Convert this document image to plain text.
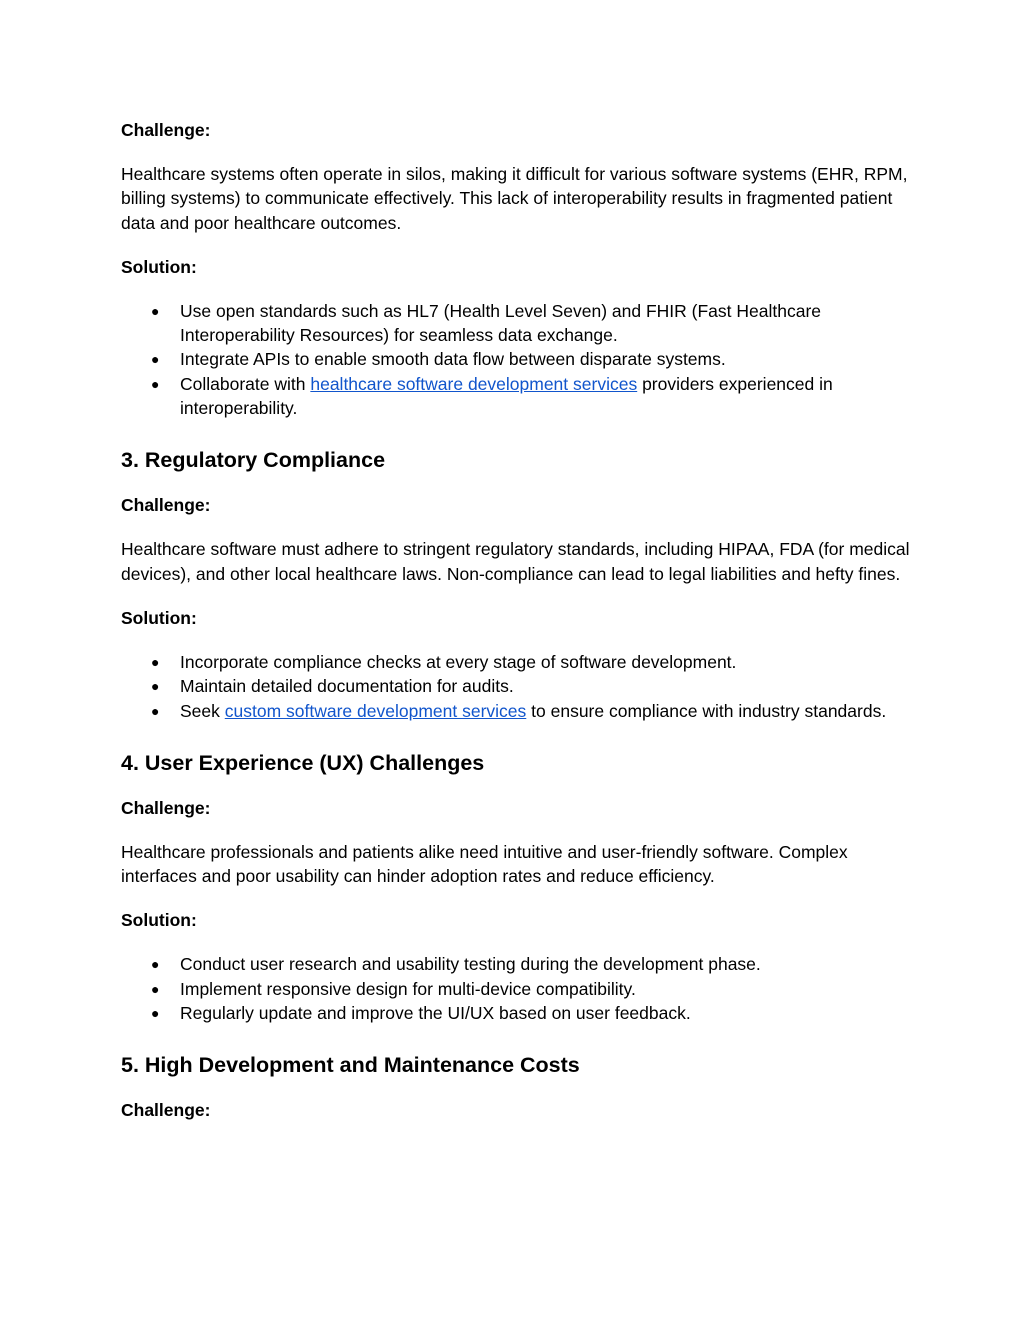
Challenge:

Healthcare systems often operate in silos, making it difficult for various software systems (EHR, RPM, billing systems) to communicate effectively. This lack of interoperability results in fragmented patient data and poor healthcare outcomes.

Solution:

● Use open standards such as HL7 (Health Level Seven) and FHIR (Fast Healthcare Interoperability Resources) for seamless data exchange.
● Integrate APIs to enable smooth data flow between disparate systems.
● Collaborate with healthcare software development services providers experienced in interoperability.

3. Regulatory Compliance

Challenge:

Healthcare software must adhere to stringent regulatory standards, including HIPAA, FDA (for medical devices), and other local healthcare laws. Non-compliance can lead to legal liabilities and hefty fines.

Solution:

● Incorporate compliance checks at every stage of software development.
● Maintain detailed documentation for audits.
● Seek custom software development services to ensure compliance with industry standards.

4. User Experience (UX) Challenges

Challenge:

Healthcare professionals and patients alike need intuitive and user-friendly software. Complex interfaces and poor usability can hinder adoption rates and reduce efficiency.

Solution:

● Conduct user research and usability testing during the development phase.
● Implement responsive design for multi-device compatibility.
● Regularly update and improve the UI/UX based on user feedback.

5. High Development and Maintenance Costs

Challenge:
